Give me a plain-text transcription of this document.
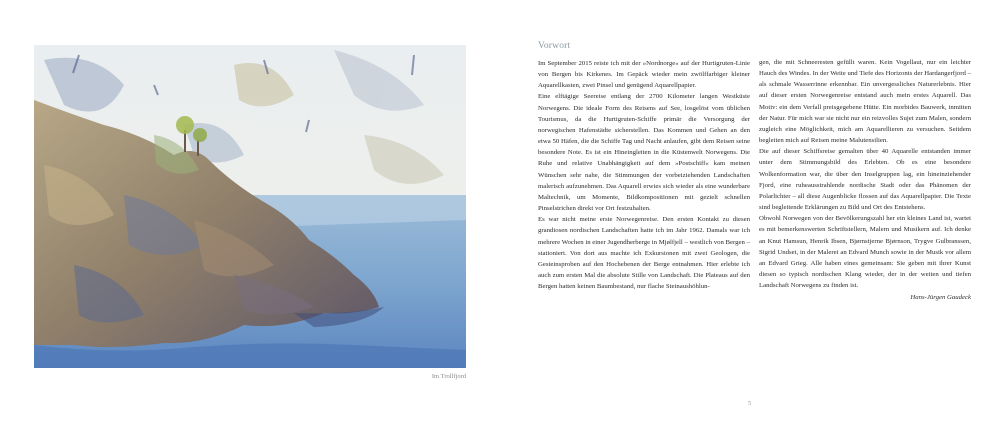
Im Trollfjord
Vorwort

Im September 2015 reiste ich mit der »Nordnorge« auf der Hurtigruten-Linie von Bergen bis Kirkenes. Im Gepäck wieder mein zwölffarbiger kleiner Aquarellkasten, zwei Pinsel und genügend Aquarellpapier.

Eine elftägige Seereise entlang der 2700 Kilometer langen Westküste Norwegens. Die ideale Form des Reisens auf See, losgelöst vom üblichen Tourismus, da die Hurtigruten-Schiffe primär die Versorgung der norwegischen Hafenstädte sicherstellen. Das Kommen und Gehen an den etwa 50 Häfen, die die Schiffe Tag und Nacht anlaufen, gibt dem Reisen seine besondere Note. Es ist ein Hineingleiten in die Küstenwelt Norwegens. Die Ruhe und relative Unabhängigkeit auf dem »Postschiff« kam meinen Wünschen sehr nahe, die Stimmungen der vorbeiziehenden Landschaften malerisch aufzunehmen. Das Aquarell erwies sich wieder als eine wunderbare Maltechnik, um Momente, Bildkompositionen mit gezielt schnellen Pinselstrichen direkt vor Ort festzuhalten.

Es war nicht meine erste Norwegenreise. Den ersten Kontakt zu diesen grandiosen nordischen Landschaften hatte ich im Jahr 1962. Damals war ich mehrere Wochen in einer Jugendherberge in Mjølfjell – westlich von Bergen – stationiert. Von dort aus machte ich Exkursionen mit zwei Geologen, die Gesteinsproben auf den Hochebenen der Berge entnahmen. Hier erlebte ich auch zum ersten Mal die absolute Stille von Landschaft. Die Plateaus auf den Bergen hatten keinen Baumbestand, nur flache Steinaushöhlun-

gen, die mit Schneeresten gefüllt waren. Kein Vogellaut, nur ein leichter Hauch des Windes. In der Weite und Tiefe des Horizonts der Hardangerfjord – als schmale Wasserrinne erkennbar. Ein unvergessliches Naturerlebnis. Hier auf dieser ersten Norwegenreise entstand auch mein erstes Aquarell. Das Motiv: ein dem Verfall preisgegebene Hütte. Ein morbides Bauwerk, inmitten der Natur. Für mich war sie nicht nur ein reizvolles Sujet zum Malen, sondern zugleich eine Möglichkeit, mich am Aquarellieren zu versuchen. Seitdem begleiten mich auf Reisen meine Malutensilien.

Die auf dieser Schiffsreise gemalten über 40 Aquarelle entstanden immer unter dem Stimmungsbild des Erlebten. Ob es eine besondere Wolkenformation war, die über den Inselgruppen lag, ein hineinziehender Fjord, eine ruheausstrahlende nordische Stadt oder das Phänomen der Polarlichter – all diese Augenblicke flossen auf das Aquarellpapier. Die Texte sind begleitende Erklärungen zu Bild und Ort des Entstehens.

Obwohl Norwegen von der Bevölkerungszahl her ein kleines Land ist, wartet es mit bemerkenswerten Schriftstellern, Malern und Musikern auf. Ich denke an Knut Hamsun, Henrik Ibsen, Bjørnstjerne Bjørnson, Trygve Gulbranssen, Sigrid Undset, in der Malerei an Edvard Munch sowie in der Musik vor allem an Edvard Grieg. Alle haben eines gemeinsam: Sie geben mit ihrer Kunst diesen so typisch nordischen Klang wieder, der in der weiten und tiefen Landschaft Norwegens zu finden ist.

Hans-Jürgen Gaudeck

5
